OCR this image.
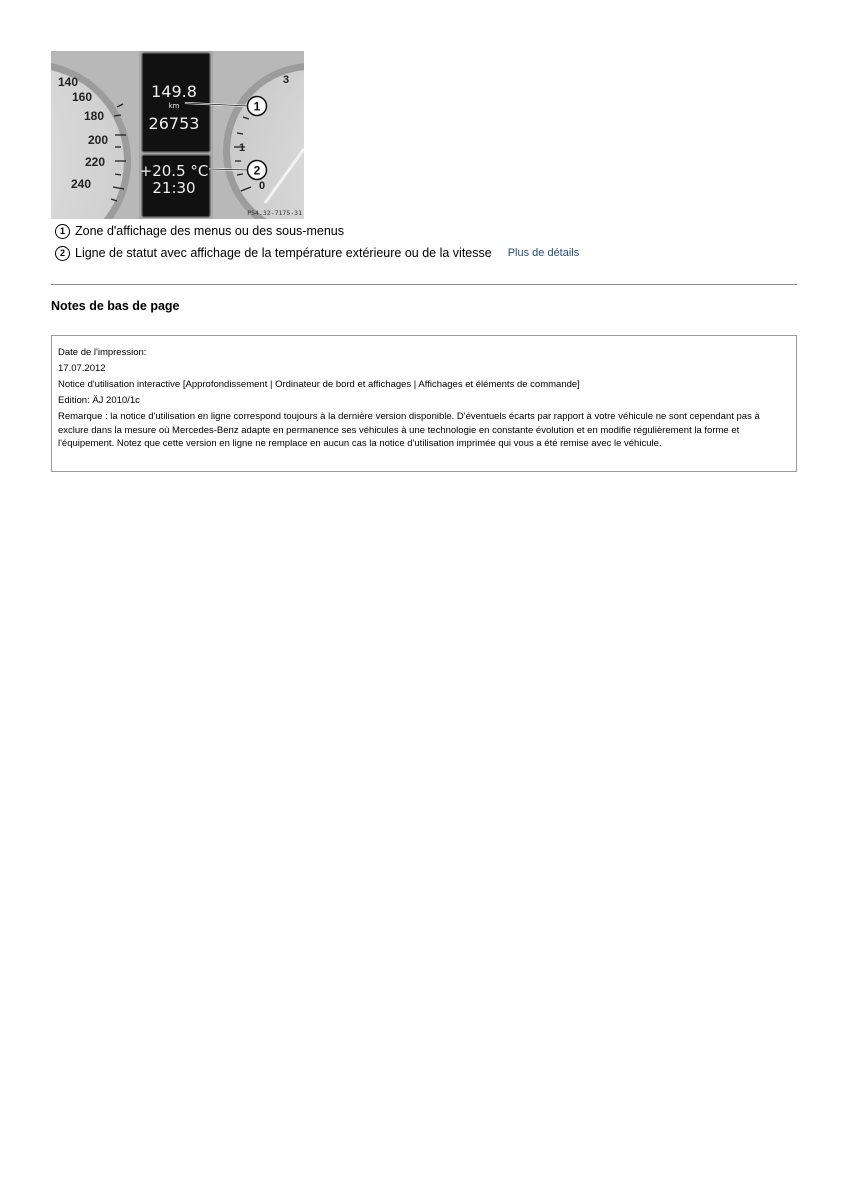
140
160
180
200
220
240
3
1
0
149.8
km
26753
+20.5 °C
21:30
1
2
P54.32-7175-31
1 Zone d'affichage des menus ou des sous-menus
2 Ligne de statut avec affichage de la température extérieure ou de la vitesse Plus de détails
Notes de bas de page

Date de l'impression:

17.07.2012

Notice d'utilisation interactive [Approfondissement | Ordinateur de bord et affichages | Affichages et éléments de commande]

Edition: ÄJ 2010/1c

Remarque : la notice d'utilisation en ligne correspond toujours à la dernière version disponible. D'éventuels écarts par rapport à votre véhicule ne sont cependant pas à exclure dans la mesure où Mercedes-Benz adapte en permanence ses véhicules à une technologie en constante évolution et en modifie régulièrement la forme et l'équipement. Notez que cette version en ligne ne remplace en aucun cas la notice d'utilisation imprimée qui vous a été remise avec le véhicule.
